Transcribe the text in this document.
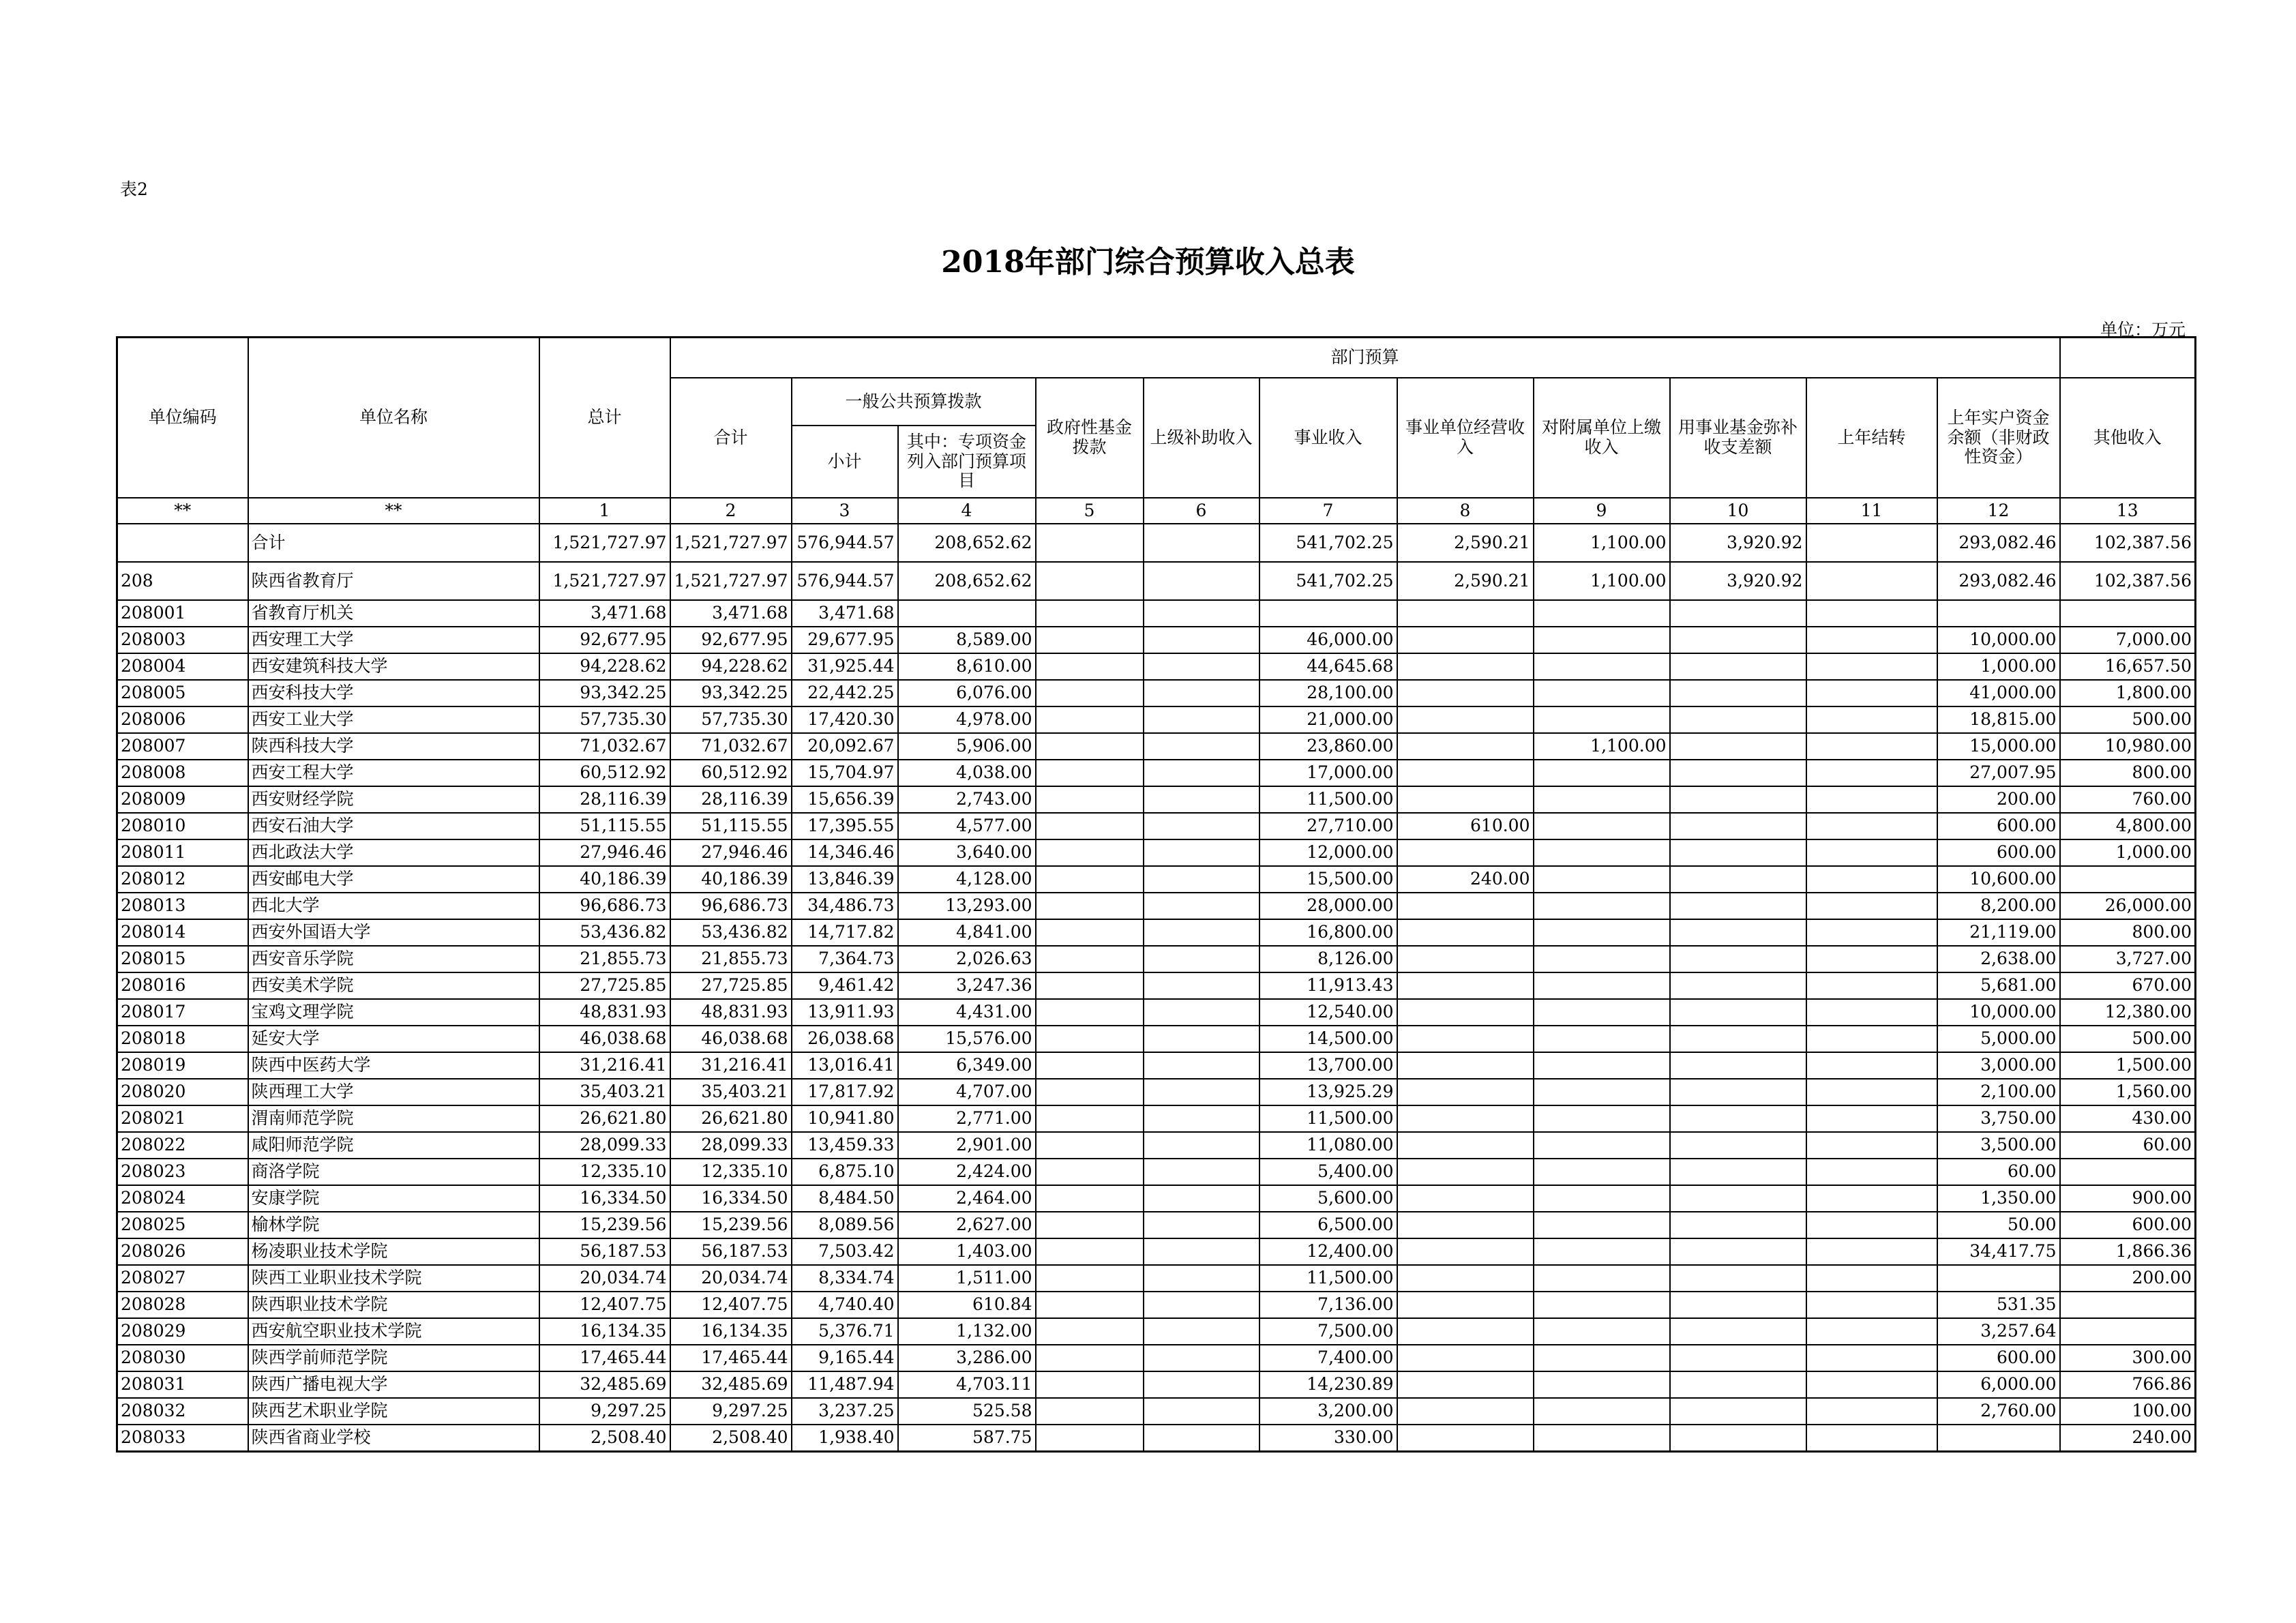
表2
2018年部门综合预算收入总表
单位：万元
单位编码	单位名称	总计	部门预算											
			合计	一般公共预算拨款		政府性基金拨款	上级补助收入	事业收入	事业单位经营收入	对附属单位上缴收入	用事业基金弥补收支差额	上年结转	上年实户资金余额（非财政性资金）	其他收入
				小计	其中：专项资金列入部门预算项目									
**	**	1	2	3	4	5	6	7	8	9	10	11	12	13
	合计	1,521,727.97	1,521,727.97	576,944.57	208,652.62			541,702.25	2,590.21	1,100.00	3,920.92		293,082.46	102,387.56
208	陕西省教育厅	1,521,727.97	1,521,727.97	576,944.57	208,652.62			541,702.25	2,590.21	1,100.00	3,920.92		293,082.46	102,387.56
208001	省教育厅机关	3,471.68	3,471.68	3,471.68										
208003	西安理工大学	92,677.95	92,677.95	29,677.95	8,589.00			46,000.00					10,000.00	7,000.00
208004	西安建筑科技大学	94,228.62	94,228.62	31,925.44	8,610.00			44,645.68					1,000.00	16,657.50
208005	西安科技大学	93,342.25	93,342.25	22,442.25	6,076.00			28,100.00					41,000.00	1,800.00
208006	西安工业大学	57,735.30	57,735.30	17,420.30	4,978.00			21,000.00					18,815.00	500.00
208007	陕西科技大学	71,032.67	71,032.67	20,092.67	5,906.00			23,860.00		1,100.00			15,000.00	10,980.00
208008	西安工程大学	60,512.92	60,512.92	15,704.97	4,038.00			17,000.00					27,007.95	800.00
208009	西安财经学院	28,116.39	28,116.39	15,656.39	2,743.00			11,500.00					200.00	760.00
208010	西安石油大学	51,115.55	51,115.55	17,395.55	4,577.00			27,710.00	610.00				600.00	4,800.00
208011	西北政法大学	27,946.46	27,946.46	14,346.46	3,640.00			12,000.00					600.00	1,000.00
208012	西安邮电大学	40,186.39	40,186.39	13,846.39	4,128.00			15,500.00	240.00				10,600.00	
208013	西北大学	96,686.73	96,686.73	34,486.73	13,293.00			28,000.00					8,200.00	26,000.00
208014	西安外国语大学	53,436.82	53,436.82	14,717.82	4,841.00			16,800.00					21,119.00	800.00
208015	西安音乐学院	21,855.73	21,855.73	7,364.73	2,026.63			8,126.00					2,638.00	3,727.00
208016	西安美术学院	27,725.85	27,725.85	9,461.42	3,247.36			11,913.43					5,681.00	670.00
208017	宝鸡文理学院	48,831.93	48,831.93	13,911.93	4,431.00			12,540.00					10,000.00	12,380.00
208018	延安大学	46,038.68	46,038.68	26,038.68	15,576.00			14,500.00					5,000.00	500.00
208019	陕西中医药大学	31,216.41	31,216.41	13,016.41	6,349.00			13,700.00					3,000.00	1,500.00
208020	陕西理工大学	35,403.21	35,403.21	17,817.92	4,707.00			13,925.29					2,100.00	1,560.00
208021	渭南师范学院	26,621.80	26,621.80	10,941.80	2,771.00			11,500.00					3,750.00	430.00
208022	咸阳师范学院	28,099.33	28,099.33	13,459.33	2,901.00			11,080.00					3,500.00	60.00
208023	商洛学院	12,335.10	12,335.10	6,875.10	2,424.00			5,400.00					60.00	
208024	安康学院	16,334.50	16,334.50	8,484.50	2,464.00			5,600.00					1,350.00	900.00
208025	榆林学院	15,239.56	15,239.56	8,089.56	2,627.00			6,500.00					50.00	600.00
208026	杨凌职业技术学院	56,187.53	56,187.53	7,503.42	1,403.00			12,400.00					34,417.75	1,866.36
208027	陕西工业职业技术学院	20,034.74	20,034.74	8,334.74	1,511.00			11,500.00						200.00
208028	陕西职业技术学院	12,407.75	12,407.75	4,740.40	610.84			7,136.00					531.35	
208029	西安航空职业技术学院	16,134.35	16,134.35	5,376.71	1,132.00			7,500.00					3,257.64	
208030	陕西学前师范学院	17,465.44	17,465.44	9,165.44	3,286.00			7,400.00					600.00	300.00
208031	陕西广播电视大学	32,485.69	32,485.69	11,487.94	4,703.11			14,230.89					6,000.00	766.86
208032	陕西艺术职业学院	9,297.25	9,297.25	3,237.25	525.58			3,200.00					2,760.00	100.00
208033	陕西省商业学校	2,508.40	2,508.40	1,938.40	587.75			330.00						240.00
